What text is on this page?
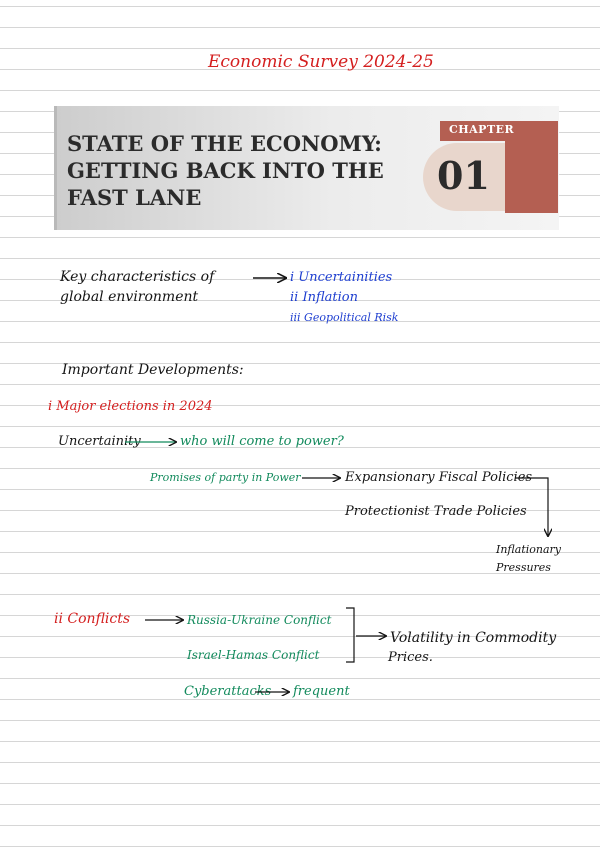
Economic Survey 2024-25
STATE OF THE ECONOMY: GETTING BACK INTO THE FAST LANE
CHAPTER
01
Key characteristics of
global environment
i Uncertainities
ii Inflation
iii Geopolitical Risk
Important Developments:
i Major elections in 2024
Uncertainity	who will come to power?
Promises of party in Power	Expansionary Fiscal Policies
Protectionist Trade Policies
Inflationary
Pressures
ii Conflicts	Russia-Ukraine Conflict
Israel-Hamas Conflict
Volatility in Commodity
Prices.
Cyberattacks frequent
